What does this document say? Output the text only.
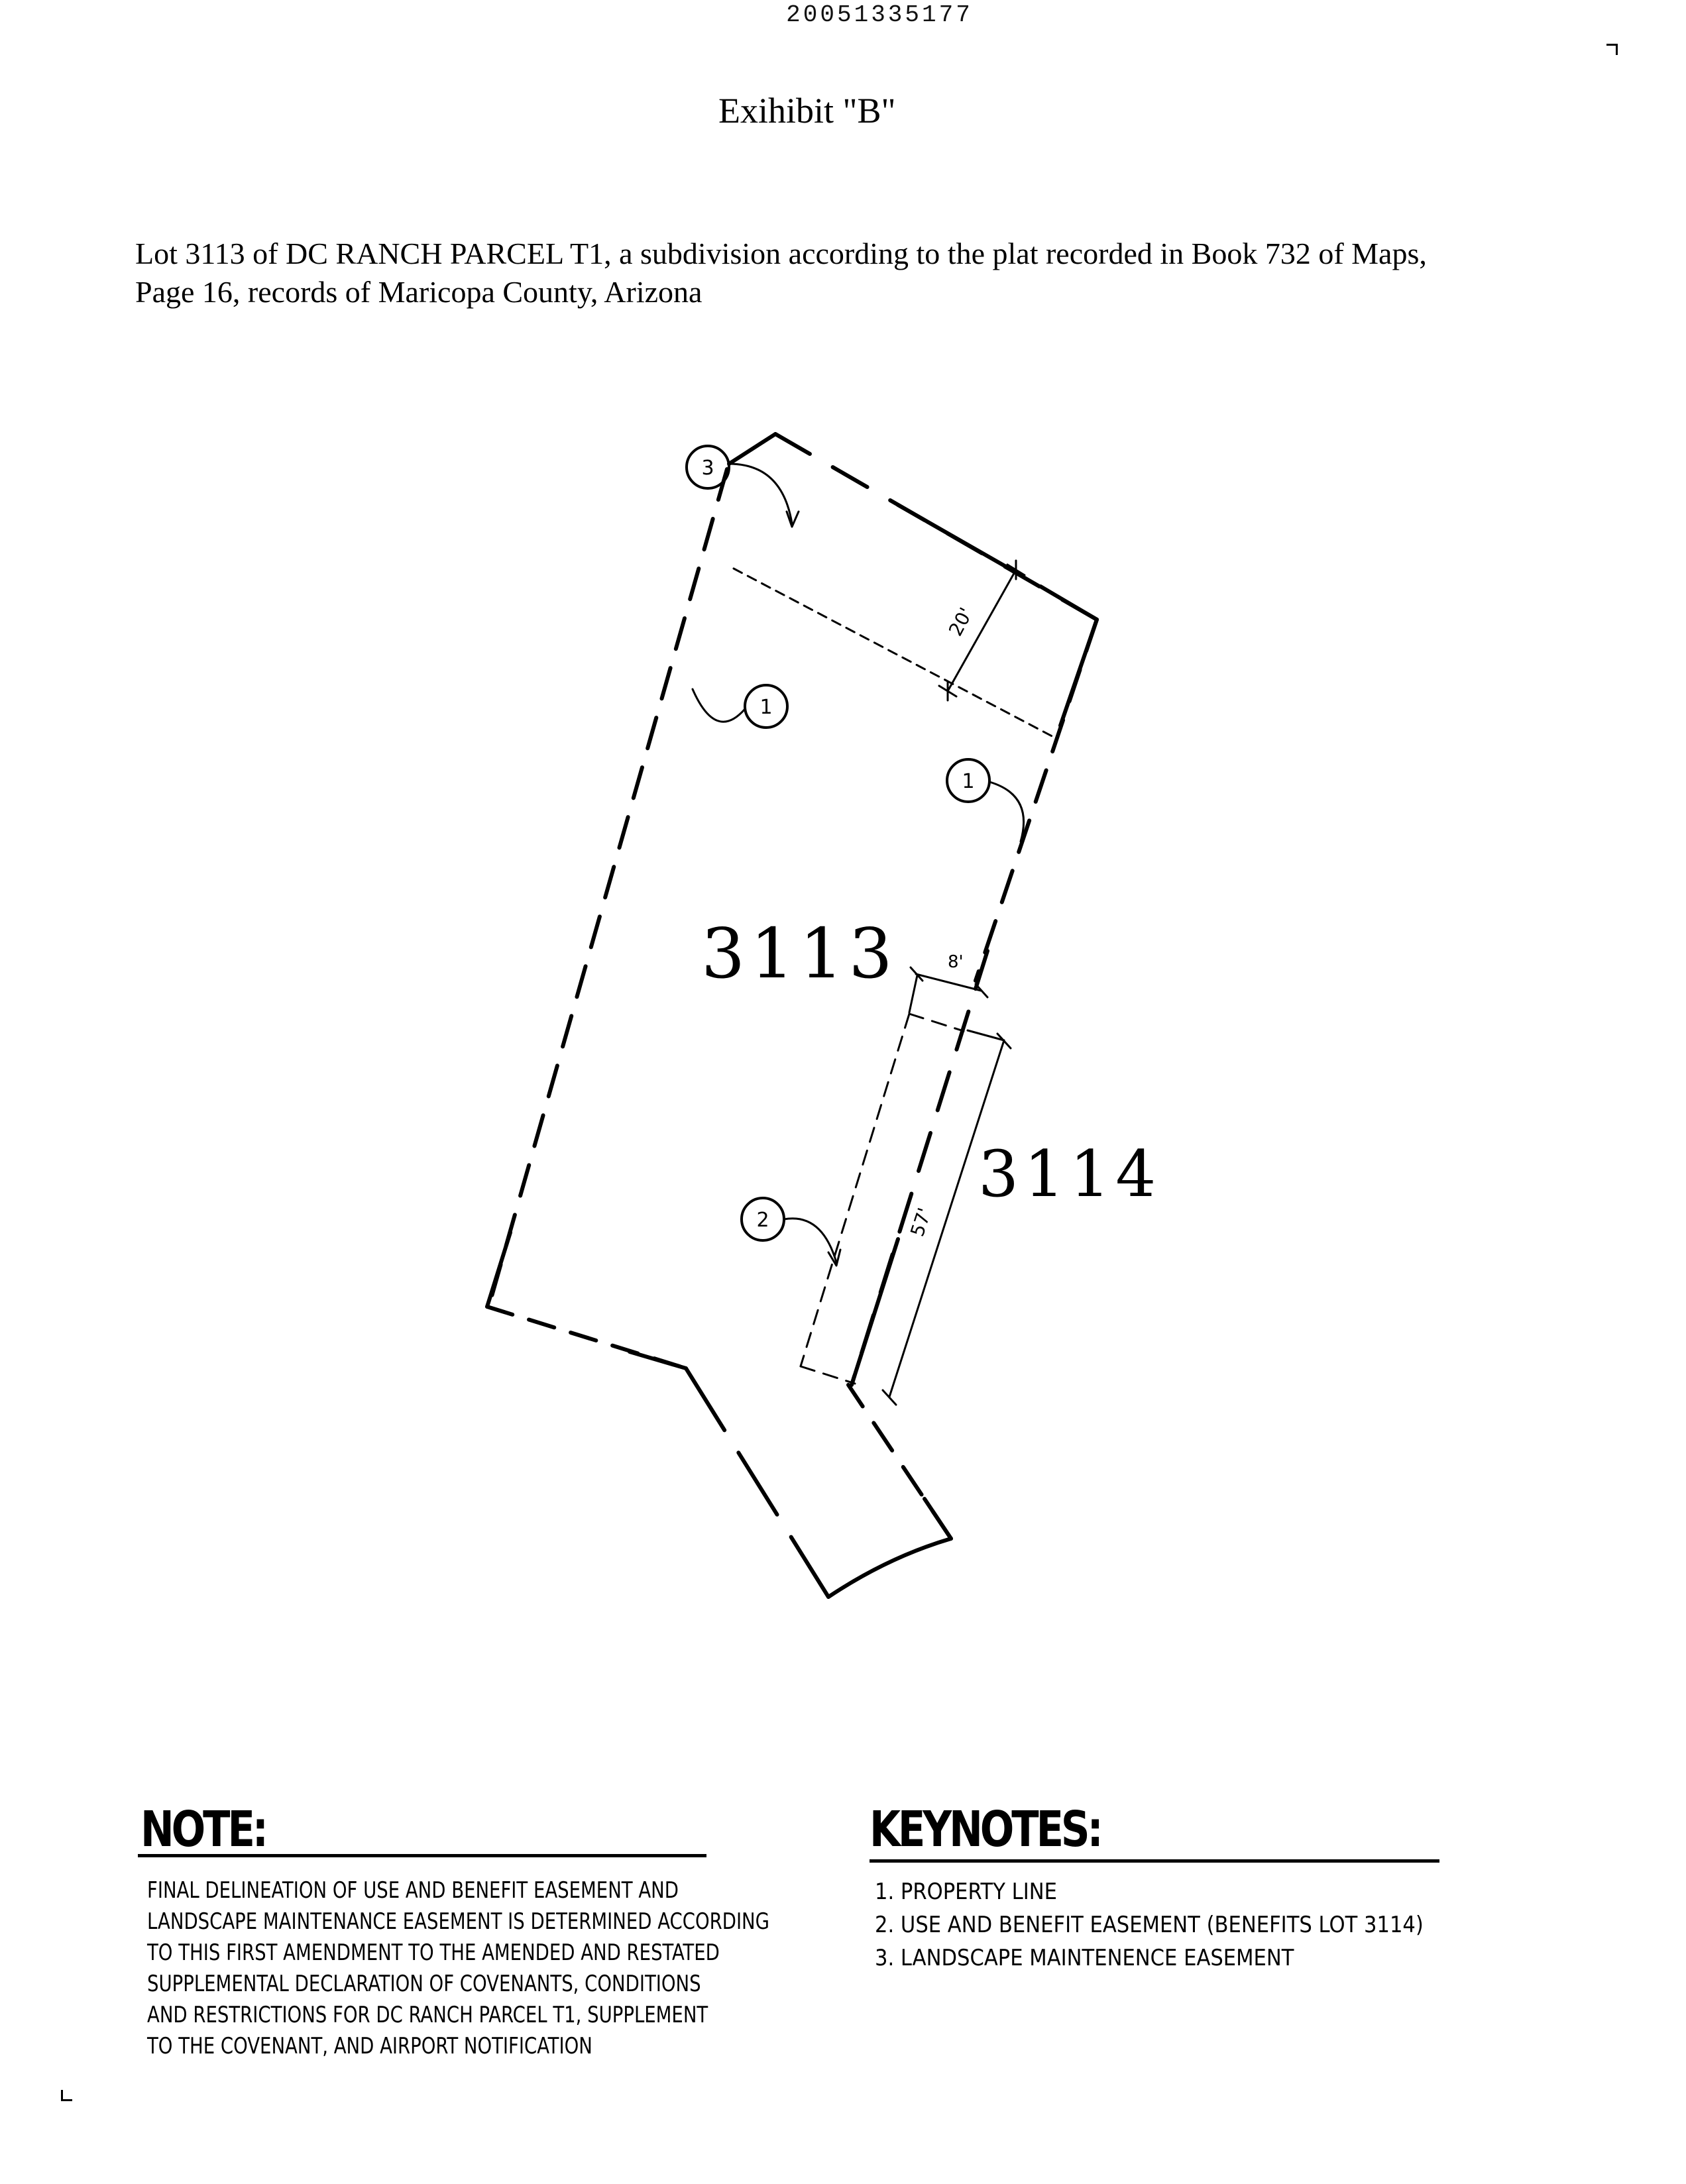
20051335177
Exihibit "B"
Lot 3113 of DC RANCH PARCEL T1, a subdivision according to the plat recorded in Book 732 of Maps,
Page 16, records of Maricopa County, Arizona
3113
3114
20'
8'
57'
3
1
1
2
NOTE:
FINAL DELINEATION OF USE AND BENEFIT EASEMENT AND
LANDSCAPE MAINTENANCE EASEMENT IS DETERMINED ACCORDING
TO THIS FIRST AMENDMENT TO THE AMENDED AND RESTATED
SUPPLEMENTAL DECLARATION OF COVENANTS, CONDITIONS
AND RESTRICTIONS FOR DC RANCH PARCEL T1, SUPPLEMENT
TO THE COVENANT, AND AIRPORT NOTIFICATION
KEYNOTES:
1. PROPERTY LINE
2. USE AND BENEFIT EASEMENT (BENEFITS LOT 3114)
3. LANDSCAPE MAINTENENCE EASEMENT
